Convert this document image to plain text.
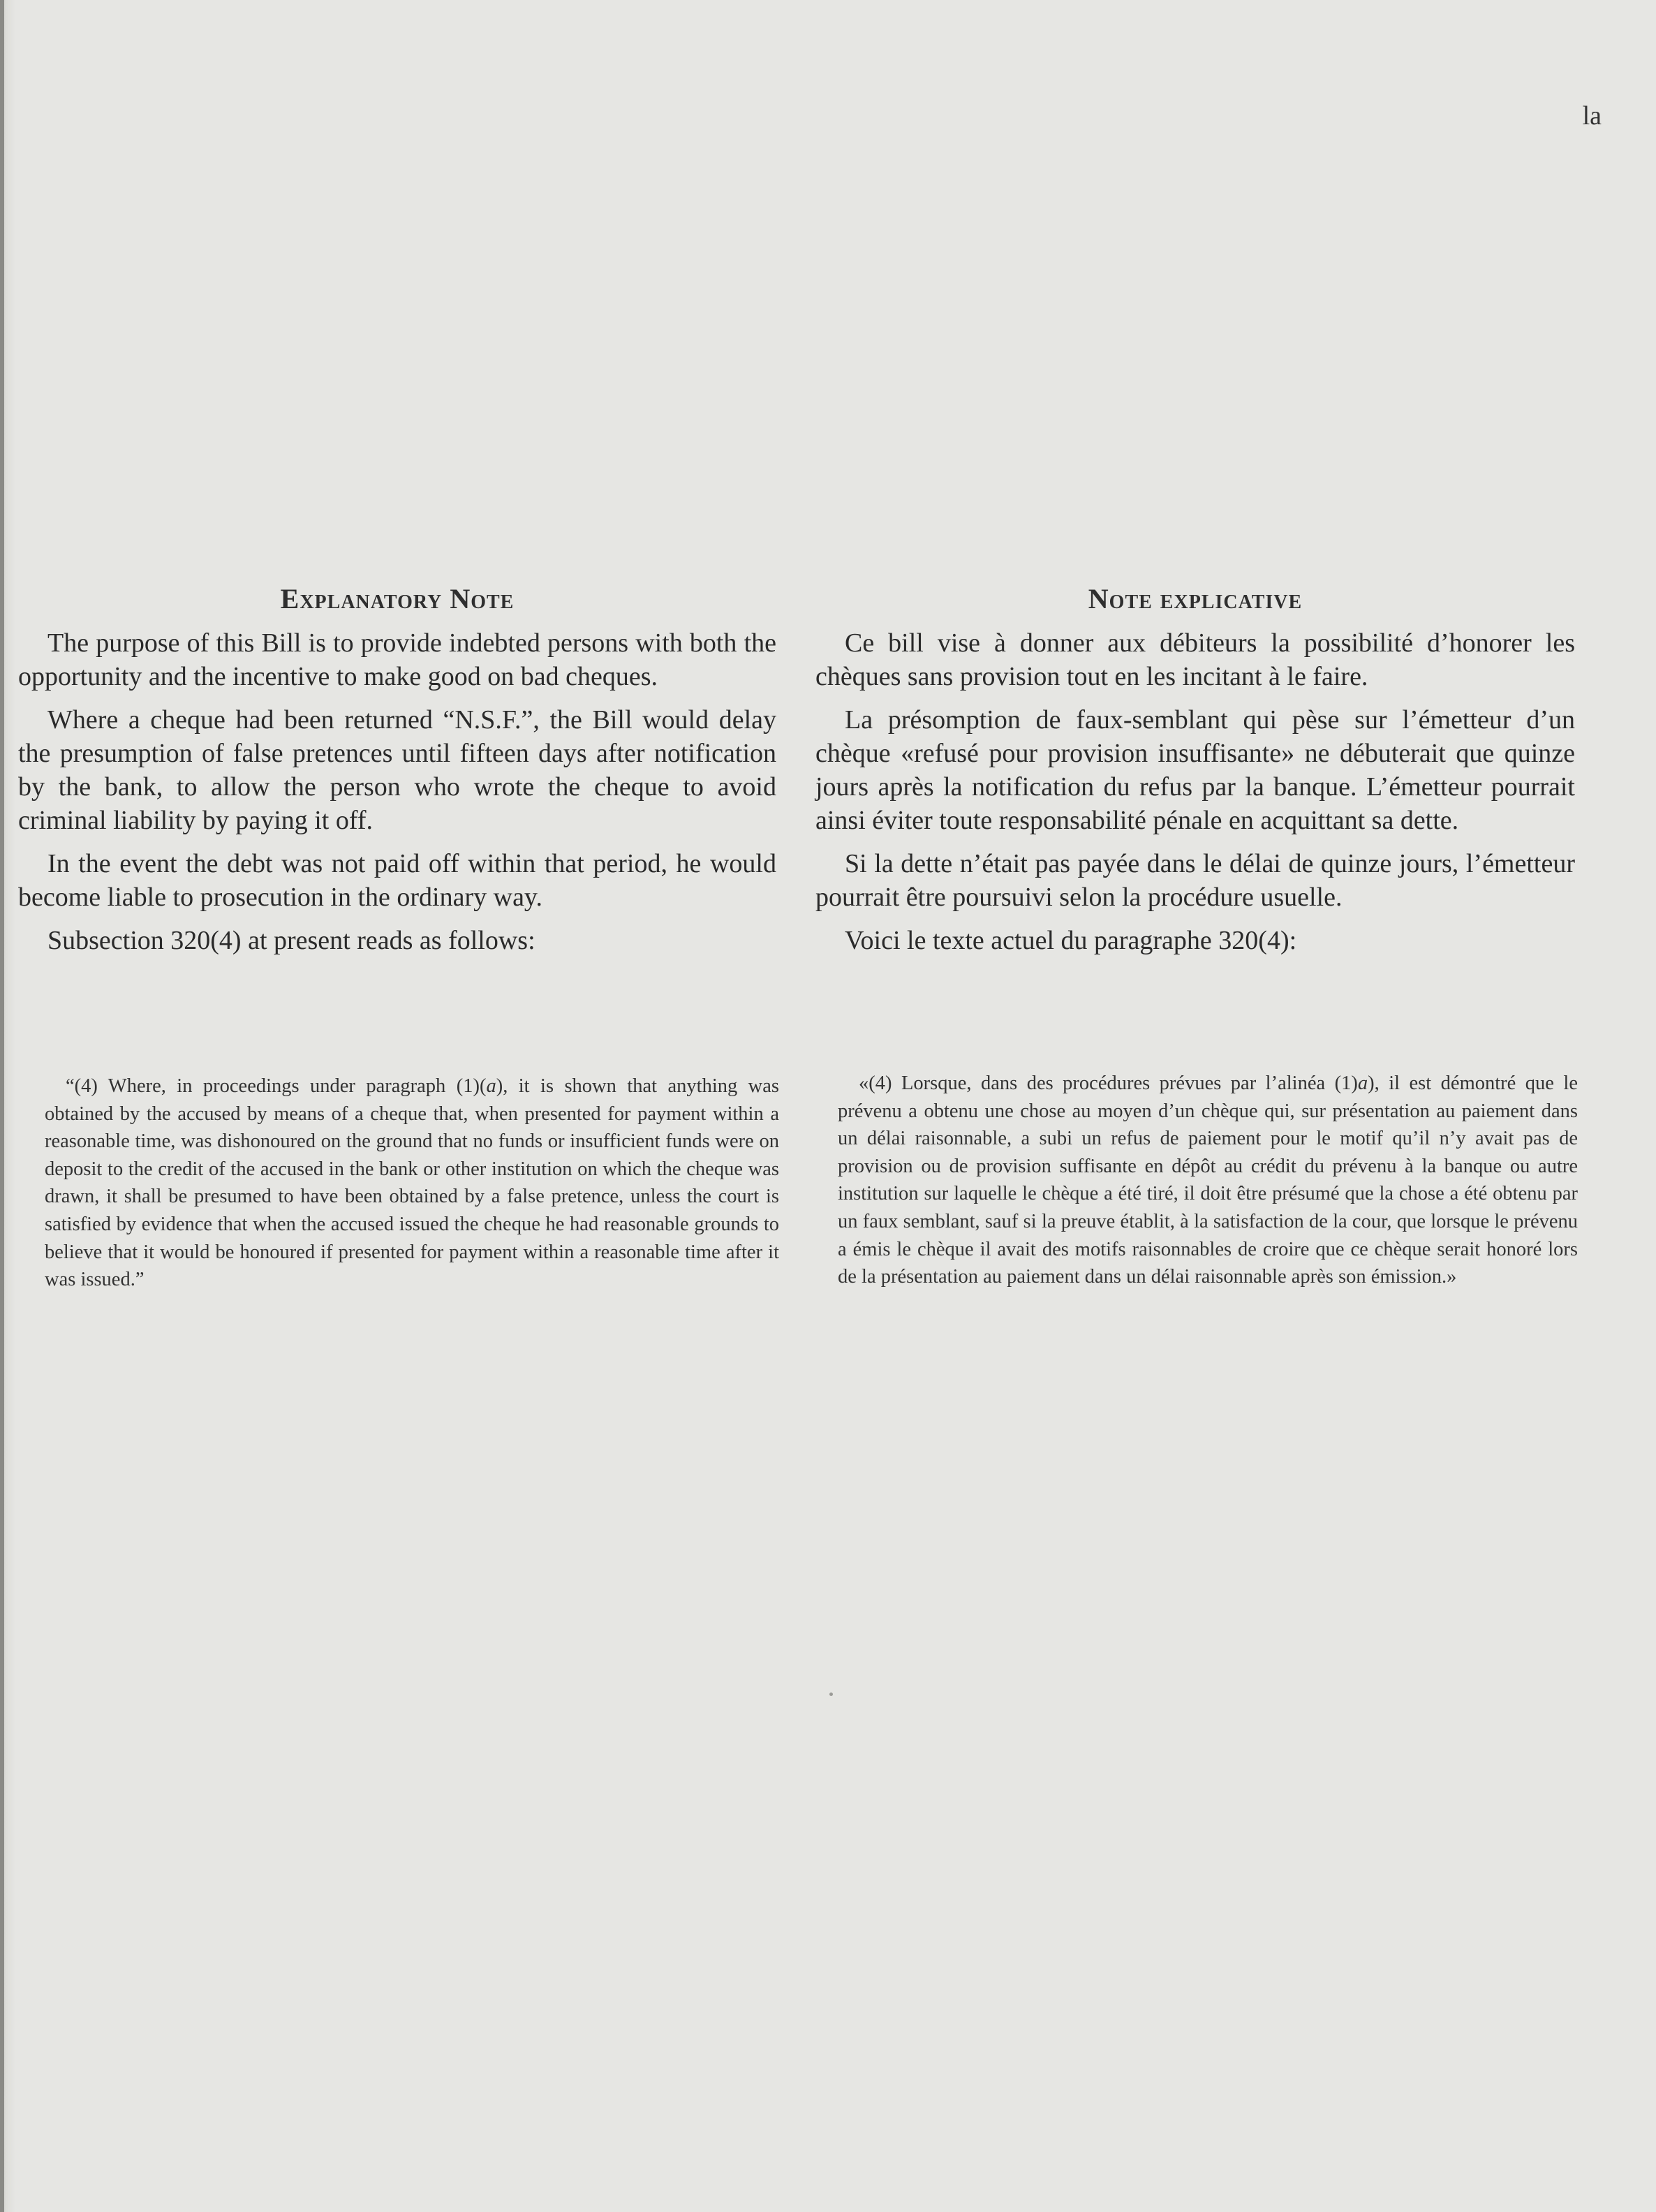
la
Explanatory Note

The purpose of this Bill is to provide indebted persons with both the opportunity and the incentive to make good on bad cheques.

Where a cheque had been returned “N.S.F.”, the Bill would delay the presumption of false pretences until fifteen days after notification by the bank, to allow the person who wrote the cheque to avoid criminal liability by paying it off.

In the event the debt was not paid off within that period, he would become liable to prosecution in the ordinary way.

Subsection 320(4) at present reads as follows:

“(4) Where, in proceedings under paragraph (1)(a), it is shown that anything was obtained by the accused by means of a cheque that, when presented for payment within a reasonable time, was dishonoured on the ground that no funds or insufficient funds were on deposit to the credit of the accused in the bank or other institution on which the cheque was drawn, it shall be presumed to have been obtained by a false pretence, unless the court is satisfied by evidence that when the accused issued the cheque he had reasonable grounds to believe that it would be honoured if presented for payment within a reasonable time after it was issued.”
Note explicative

Ce bill vise à donner aux débiteurs la possibilité d’honorer les chèques sans provision tout en les incitant à le faire.

La présomption de faux-semblant qui pèse sur l’émetteur d’un chèque «refusé pour provision insuffisante» ne débuterait que quinze jours après la notification du refus par la banque. L’émetteur pourrait ainsi éviter toute responsabilité pénale en acquittant sa dette.

Si la dette n’était pas payée dans le délai de quinze jours, l’émetteur pourrait être poursuivi selon la procédure usuelle.

Voici le texte actuel du paragraphe 320(4):

«(4) Lorsque, dans des procédures prévues par l’alinéa (1)a), il est démontré que le prévenu a obtenu une chose au moyen d’un chèque qui, sur présentation au paiement dans un délai raisonnable, a subi un refus de paiement pour le motif qu’il n’y avait pas de provision ou de provision suffisante en dépôt au crédit du prévenu à la banque ou autre institution sur laquelle le chèque a été tiré, il doit être présumé que la chose a été obtenu par un faux semblant, sauf si la preuve établit, à la satisfaction de la cour, que lorsque le prévenu a émis le chèque il avait des motifs raisonnables de croire que ce chèque serait honoré lors de la présentation au paiement dans un délai raisonnable après son émission.»
